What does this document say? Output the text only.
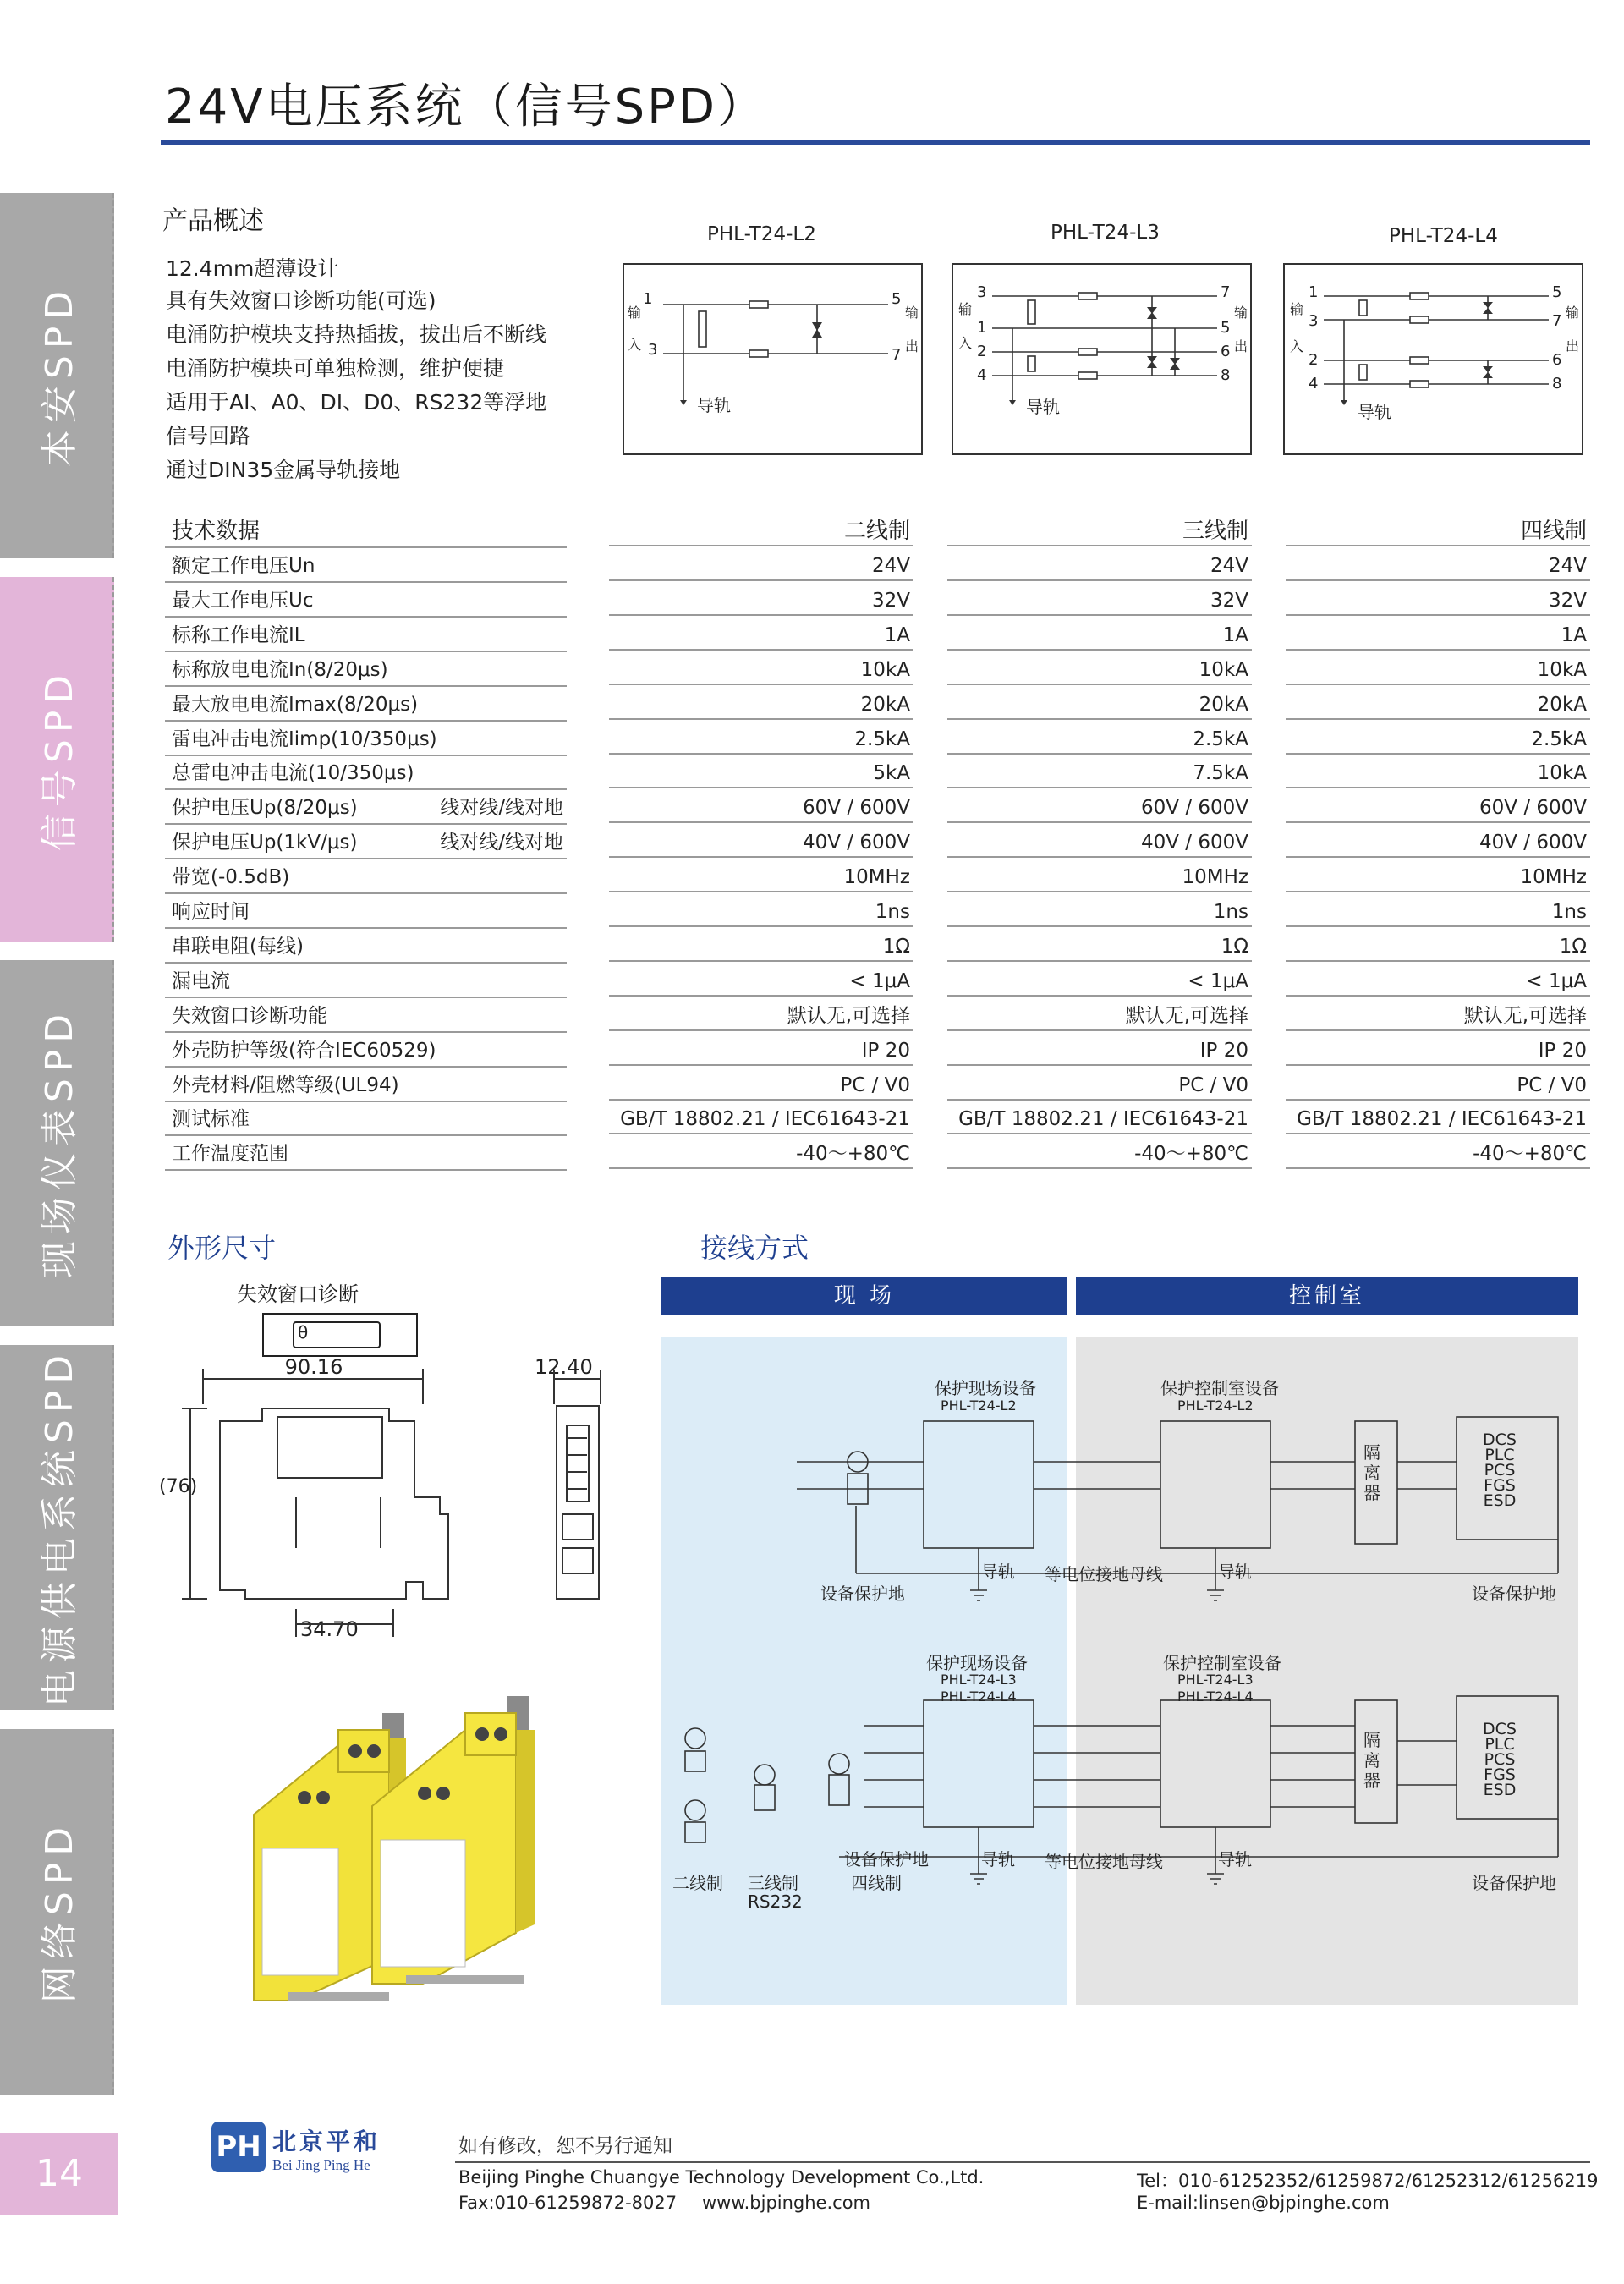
24V电压系统（信号SPD）
本安SPD
信号SPD
现场仪表SPD
电源供电系统SPD
网络SPD
产品概述
12.4mm超薄设计
具有失效窗口诊断功能(可选)
电涌防护模块支持热插拔，拔出后不断线
电涌防护模块可单独检测，维护便捷
适用于AI、A0、DI、D0、RS232等浮地
信号回路
通过DIN35金属导轨接地
PHL-T24-L2	PHL-T24-L3	PHL-T24-L4
1
3
5
7
输
入
输
出
导轨
3
1
2
4
7
5
6
8
输
入
输
出
导轨
1
3
2
4
5
7
6
8
输
入
输
出
导轨
技术数据	二线制	三线制	四线制
额定工作电压Un	24V	24V	24V
最大工作电压Uc	32V	32V	32V
标称工作电流IL	1A	1A	1A
标称放电电流In(8/20μs)	10kA	10kA	10kA
最大放电电流Imax(8/20μs)	20kA	20kA	20kA
雷电冲击电流Iimp(10/350μs)	2.5kA	2.5kA	2.5kA
总雷电冲击电流(10/350μs)	5kA	7.5kA	10kA
保护电压Up(8/20μs)	线对线/线对地	60V / 600V	60V / 600V	60V / 600V
保护电压Up(1kV/μs)	线对线/线对地	40V / 600V	40V / 600V	40V / 600V
带宽(-0.5dB)	10MHz	10MHz	10MHz
响应时间	1ns	1ns	1ns
串联电阻(每线)	1Ω	1Ω	1Ω
漏电流	< 1μA	< 1μA	< 1μA
失效窗口诊断功能	默认无,可选择	默认无,可选择	默认无,可选择
外壳防护等级(符合IEC60529)	IP 20	IP 20	IP 20
外壳材料/阻燃等级(UL94)	PC / V0	PC / V0	PC / V0
测试标准	GB/T 18802.21 / IEC61643-21	GB/T 18802.21 / IEC61643-21	GB/T 18802.21 / IEC61643-21
工作温度范围	-40～+80℃	-40～+80℃	-40～+80℃
外形尺寸
失效窗口诊断
θ
90.16
(76)
12.40
34.70
接线方式
现 场	控制室
保护现场设备
PHL-T24-L2
保护控制室设备
PHL-T24-L2
隔离器
DCS
PLC
PCS
FGS
ESD
设备保护地
导轨 等电位接地母线	导轨
设备保护地
保护现场设备
PHL-T24-L3
PHL-T24-L4
保护控制室设备
PHL-T24-L3
PHL-T24-L4
隔离器
DCS
PLC
PCS
FGS
ESD
设备保护地	导轨 等电位接地母线	导轨
设备保护地
二线制 三线制
RS232
四线制
14
PH 北京平和
Bei Jing Ping He
如有修改，恕不另行通知
Beijing Pinghe Chuangye Technology Development Co.,Ltd.
Fax:010-61259872-8027 www.bjpinghe.com
Tel：010-61252352/61259872/61252312/61256219
E-mail:linsen@bjpinghe.com
